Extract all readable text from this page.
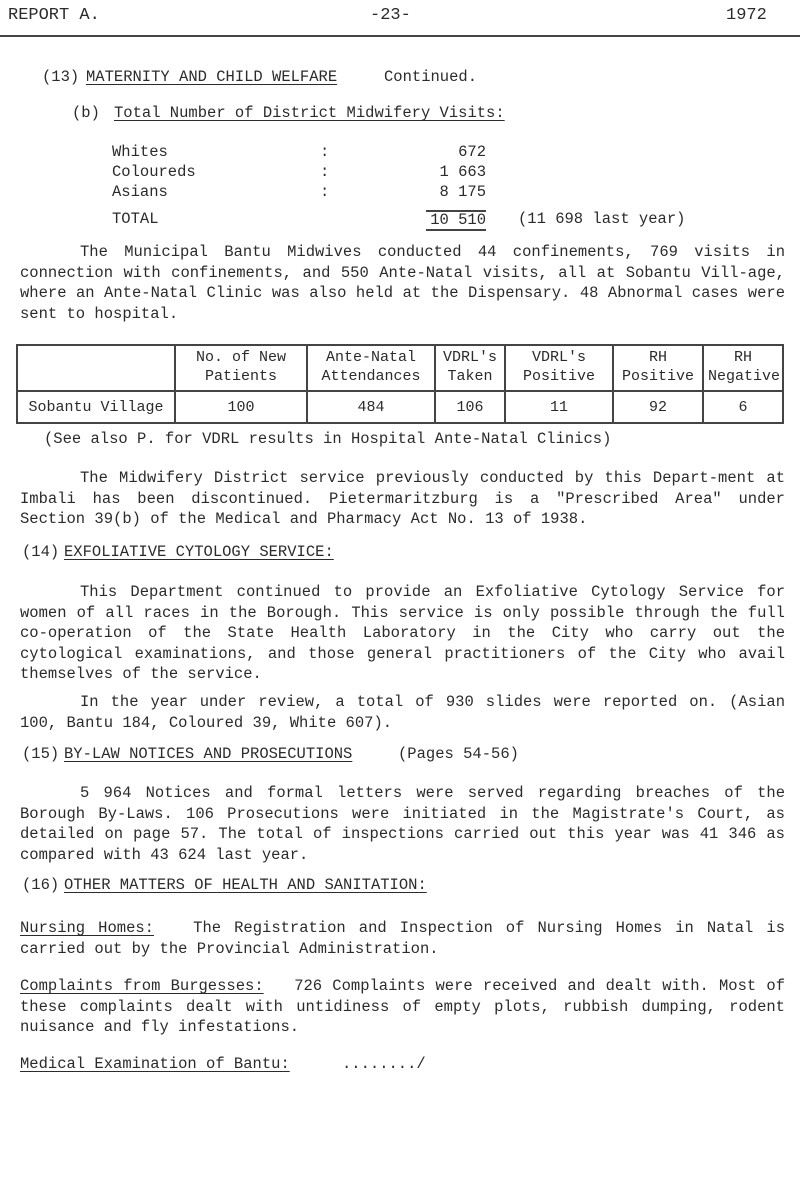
REPORT A.	-23-	1972
(13) MATERNITY AND CHILD WELFARE	Continued.
(b) Total Number of District Midwifery Visits:
Whites	:	672
Coloureds	:	1 663
Asians	:	8 175
TOTAL	10 510 (11 698 last year)

The Municipal Bantu Midwives conducted 44 confinements, 769 visits in connection with confinements, and 550 Ante-Natal visits, all at Sobantu Vill-age, where an Ante-Natal Clinic was also held at the Dispensary. 48 Abnormal cases were sent to hospital.

	No. of New Patients	Ante-Natal Attendances	VDRL's Taken	VDRL's Positive	RH Positive	RH Negative
Sobantu Village	100	484	106	11	92	6
(See also P. for VDRL results in Hospital Ante-Natal Clinics)

The Midwifery District service previously conducted by this Depart-ment at Imbali has been discontinued. Pietermaritzburg is a "Prescribed Area" under Section 39(b) of the Medical and Pharmacy Act No. 13 of 1938.

(14) EXFOLIATIVE CYTOLOGY SERVICE:

This Department continued to provide an Exfoliative Cytology Service for women of all races in the Borough. This service is only possible through the full co-operation of the State Health Laboratory in the City who carry out the cytological examinations, and those general practitioners of the City who avail themselves of the service.

In the year under review, a total of 930 slides were reported on. (Asian 100, Bantu 184, Coloured 39, White 607).

(15) BY-LAW NOTICES AND PROSECUTIONS	(Pages 54-56)

5 964 Notices and formal letters were served regarding breaches of the Borough By-Laws. 106 Prosecutions were initiated in the Magistrate's Court, as detailed on page 57. The total of inspections carried out this year was 41 346 as compared with 43 624 last year.

(16) OTHER MATTERS OF HEALTH AND SANITATION:

Nursing Homes:	The Registration and Inspection of Nursing Homes in Natal is carried out by the Provincial Administration.

Complaints from Burgesses: 726 Complaints were received and dealt with. Most of these complaints dealt with untidiness of empty plots, rubbish dumping, rodent nuisance and fly infestations.

Medical Examination of Bantu:	......../
